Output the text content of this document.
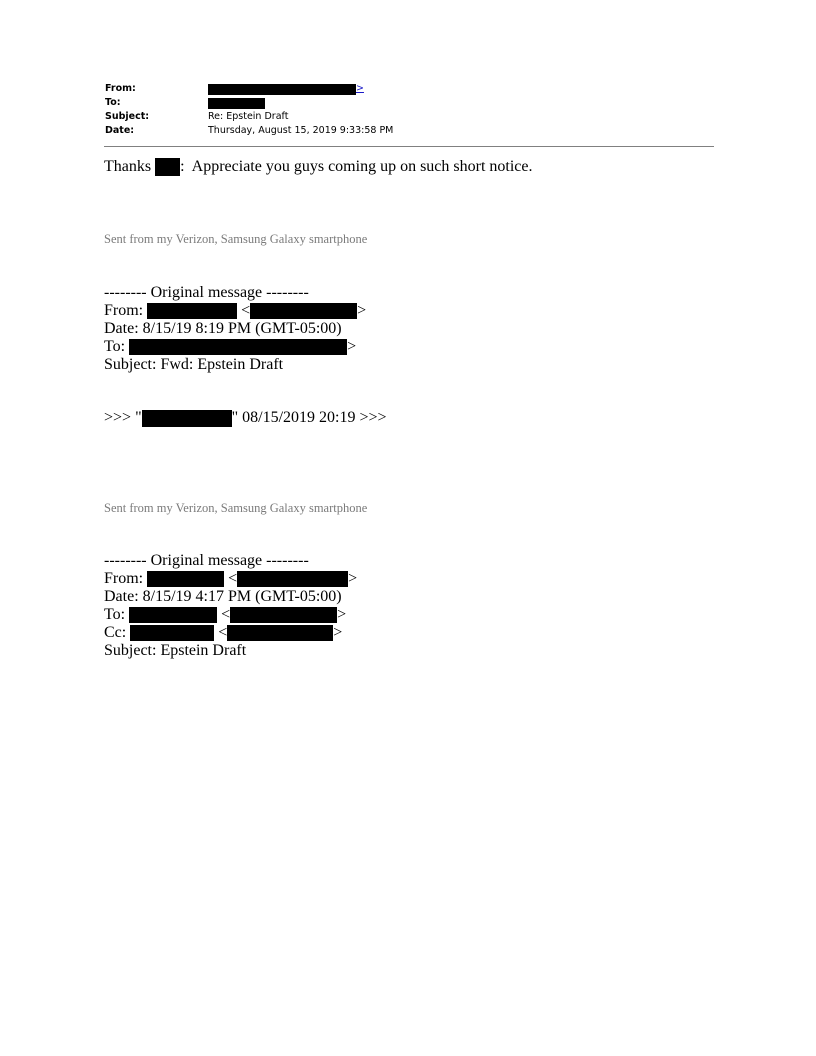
From:	>
To:
Subject:	Re: Epstein Draft
Date:	Thursday, August 15, 2019 9:33:58 PM
Thanks :  Appreciate you guys coming up on such short notice.
Sent from my Verizon, Samsung Galaxy smartphone
-------- Original message --------
From:	<	>
Date: 8/15/19 8:19 PM (GMT-05:00)
To:	>
Subject: Fwd: Epstein Draft
>>> "	" 08/15/2019 20:19 >>>
Sent from my Verizon, Samsung Galaxy smartphone
-------- Original message --------
From:	<	>
Date: 8/15/19 4:17 PM (GMT-05:00)
To:	<	>
Cc:	<	>
Subject: Epstein Draft
